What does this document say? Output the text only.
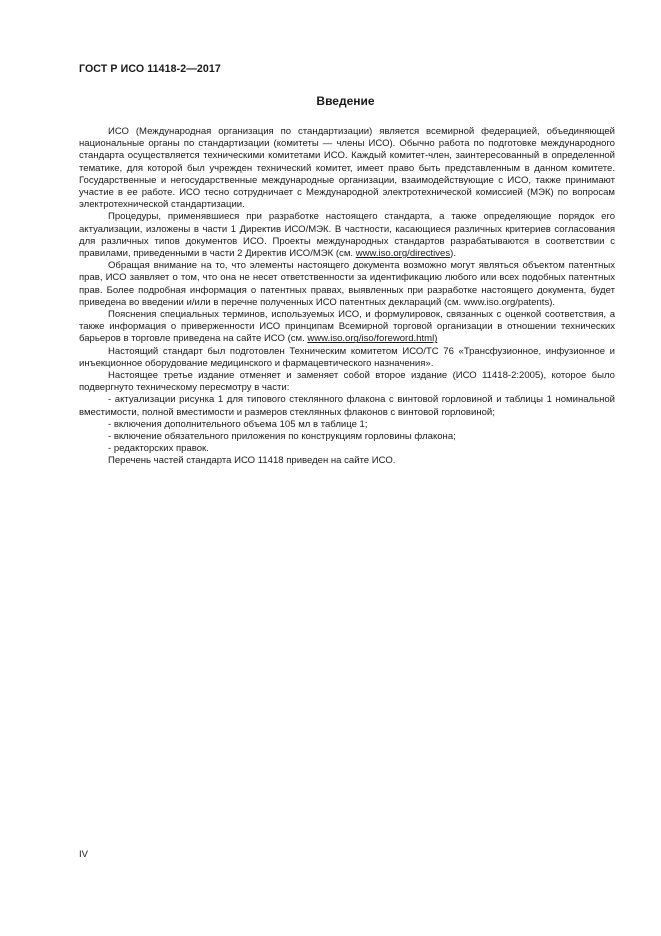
ГОСТ Р ИСО 11418-2—2017
Введение

ИСО (Международная организация по стандартизации) является всемирной федерацией, объединяющей национальные органы по стандартизации (комитеты — члены ИСО). Обычно работа по подготовке международного стандарта осуществляется техническими комитетами ИСО. Каждый комитет-член, заинтересованный в определенной тематике, для которой был учрежден технический комитет, имеет право быть представленным в данном комитете. Государственные и негосударственные международные организации, взаимодействующие с ИСО, также принимают участие в ее работе. ИСО тесно сотрудничает с Международной электротехнической комиссией (МЭК) по вопросам электротехнической стандартизации.

Процедуры, применявшиеся при разработке настоящего стандарта, а также определяющие порядок его актуализации, изложены в части 1 Директив ИСО/МЭК. В частности, касающиеся различных критериев согласования для различных типов документов ИСО. Проекты международных стандартов разрабатываются в соответствии с правилами, приведенными в части 2 Директив ИСО/МЭК (см. www.iso.org/directives).

Обращая внимание на то, что элементы настоящего документа возможно могут являться объектом патентных прав, ИСО заявляет о том, что она не несет ответственности за идентификацию любого или всех подобных патентных прав. Более подробная информация о патентных правах, выявленных при разработке настоящего документа, будет приведена во введении и/или в перечне полученных ИСО патентных деклараций (см. www.iso.org/patents).

Пояснения специальных терминов, используемых ИСО, и формулировок, связанных с оценкой соответствия, а также информация о приверженности ИСО принципам Всемирной торговой организации в отношении технических барьеров в торговле приведена на сайте ИСО (см. www.iso.org/iso/foreword.html)

Настоящий стандарт был подготовлен Техническим комитетом ИСО/ТС 76 «Трансфузионное, инфузионное и инъекционное оборудование медицинского и фармацевтического назначения».

Настоящее третье издание отменяет и заменяет собой второе издание (ИСО 11418-2:2005), которое было подвергнуто техническому пересмотру в части:

- актуализации рисунка 1 для типового стеклянного флакона с винтовой горловиной и таблицы 1 номинальной вместимости, полной вместимости и размеров стеклянных флаконов с винтовой горловиной;

- включения дополнительного объема 105 мл в таблице 1;

- включение обязательного приложения по конструкциям горловины флакона;

- редакторских правок.

Перечень частей стандарта ИСО 11418 приведен на сайте ИСО.

IV
